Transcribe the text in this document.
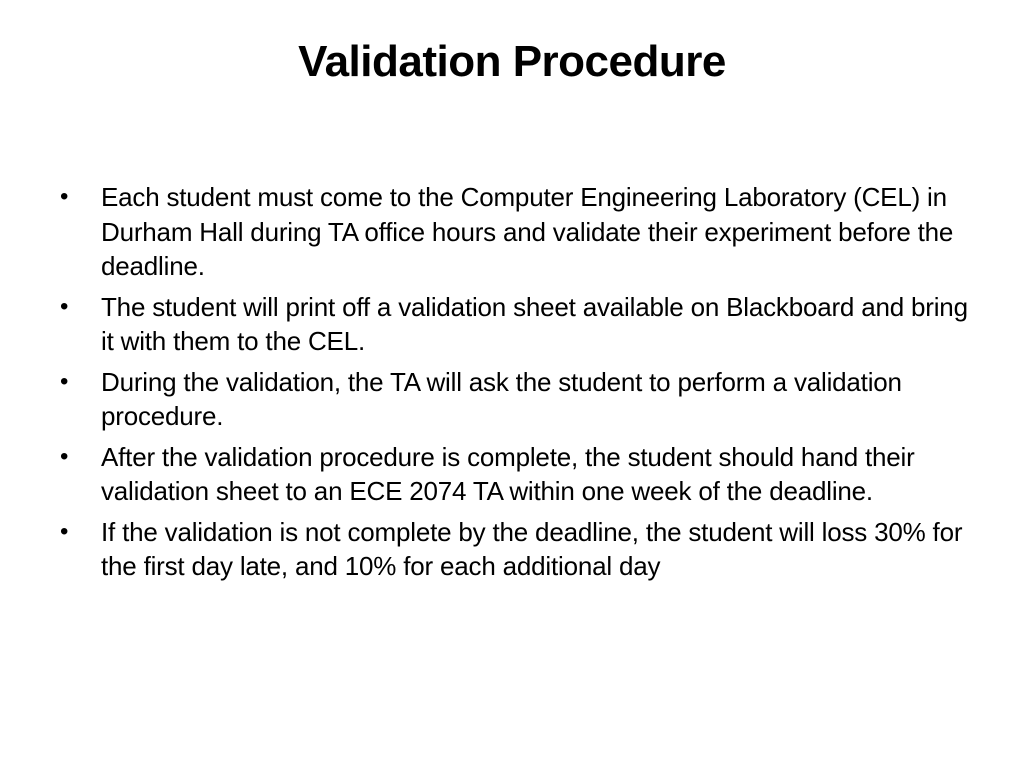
Validation Procedure
• Each student must come to the Computer Engineering Laboratory (CEL) in Durham Hall during TA office hours and validate their experiment before the deadline.
• The student will print off a validation sheet available on Blackboard and bring it with them to the CEL.
• During the validation, the TA will ask the student to perform a validation procedure.
• After the validation procedure is complete, the student should hand their validation sheet to an ECE 2074 TA within one week of the deadline.
• If the validation is not complete by the deadline, the student will loss 30% for the first day late, and 10% for each additional day
